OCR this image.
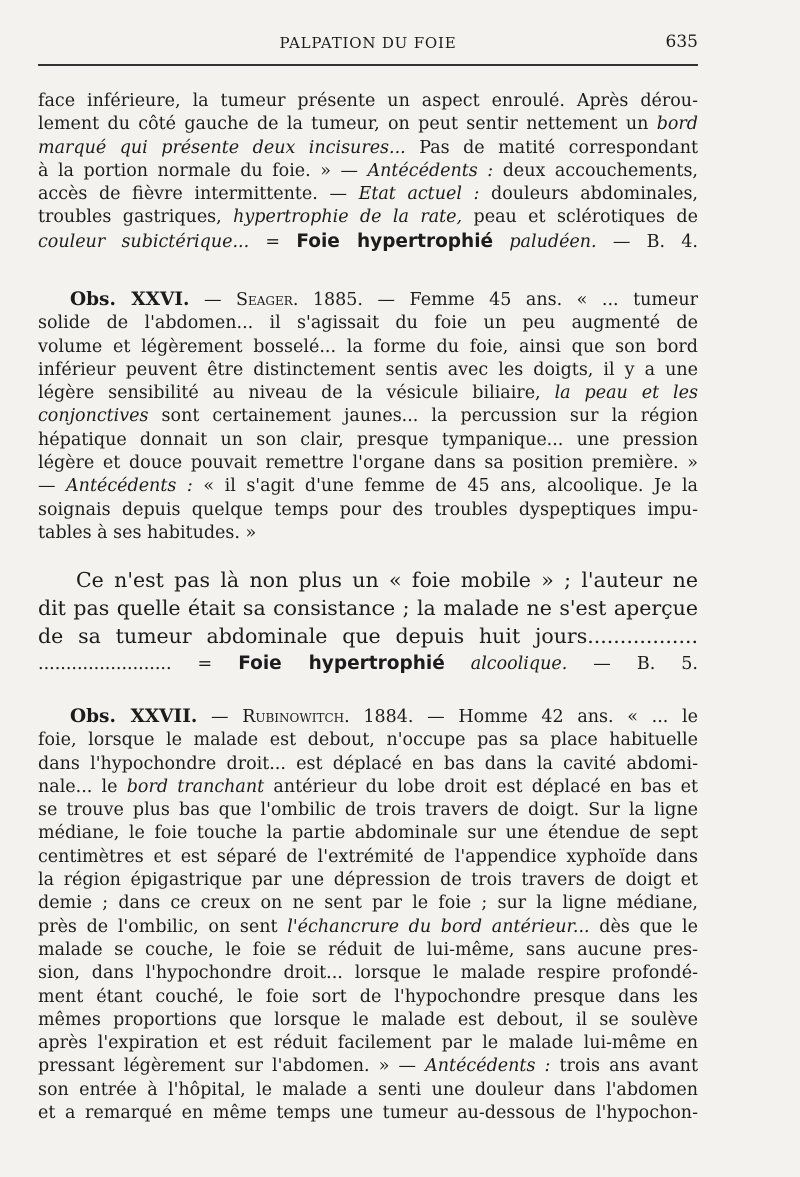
PALPATION DU FOIE	635
face inférieure, la tumeur présente un aspect enroulé. Après dérou-
lement du côté gauche de la tumeur, on peut sentir nettement un bord
marqué qui présente deux incisures... Pas de matité correspondant
à la portion normale du foie. » — Antécédents : deux accouchements,
accès de fièvre intermittente. — Etat actuel : douleurs abdominales,
troubles gastriques, hypertrophie de la rate, peau et sclérotiques de
couleur subictérique... = Foie hypertrophié paludéen. — B. 4.
Obs. XXVI. — Seager. 1885. — Femme 45 ans. « ... tumeur
solide de l'abdomen... il s'agissait du foie un peu augmenté de
volume et légèrement bosselé... la forme du foie, ainsi que son bord
inférieur peuvent être distinctement sentis avec les doigts, il y a une
légère sensibilité au niveau de la vésicule biliaire, la peau et les
conjonctives sont certainement jaunes... la percussion sur la région
hépatique donnait un son clair, presque tympanique... une pression
légère et douce pouvait remettre l'organe dans sa position première. »
— Antécédents : « il s'agit d'une femme de 45 ans, alcoolique. Je la
soignais depuis quelque temps pour des troubles dyspeptiques impu-
tables à ses habitudes. »
Ce n'est pas là non plus un « foie mobile » ; l'auteur ne
dit pas quelle était sa consistance ; la malade ne s'est aperçue
de sa tumeur abdominale que depuis huit jours.................
........................ = Foie hypertrophié alcoolique. — B. 5.
Obs. XXVII. — Rubinowitch. 1884. — Homme 42 ans. « ... le
foie, lorsque le malade est debout, n'occupe pas sa place habituelle
dans l'hypochondre droit... est déplacé en bas dans la cavité abdomi-
nale... le bord tranchant antérieur du lobe droit est déplacé en bas et
se trouve plus bas que l'ombilic de trois travers de doigt. Sur la ligne
médiane, le foie touche la partie abdominale sur une étendue de sept
centimètres et est séparé de l'extrémité de l'appendice xyphoïde dans
la région épigastrique par une dépression de trois travers de doigt et
demie ; dans ce creux on ne sent par le foie ; sur la ligne médiane,
près de l'ombilic, on sent l'échancrure du bord antérieur... dès que le
malade se couche, le foie se réduit de lui-même, sans aucune pres-
sion, dans l'hypochondre droit... lorsque le malade respire profondé-
ment étant couché, le foie sort de l'hypochondre presque dans les
mêmes proportions que lorsque le malade est debout, il se soulève
après l'expiration et est réduit facilement par le malade lui-même en
pressant légèrement sur l'abdomen. » — Antécédents : trois ans avant
son entrée à l'hôpital, le malade a senti une douleur dans l'abdomen
et a remarqué en même temps une tumeur au-dessous de l'hypochon-
